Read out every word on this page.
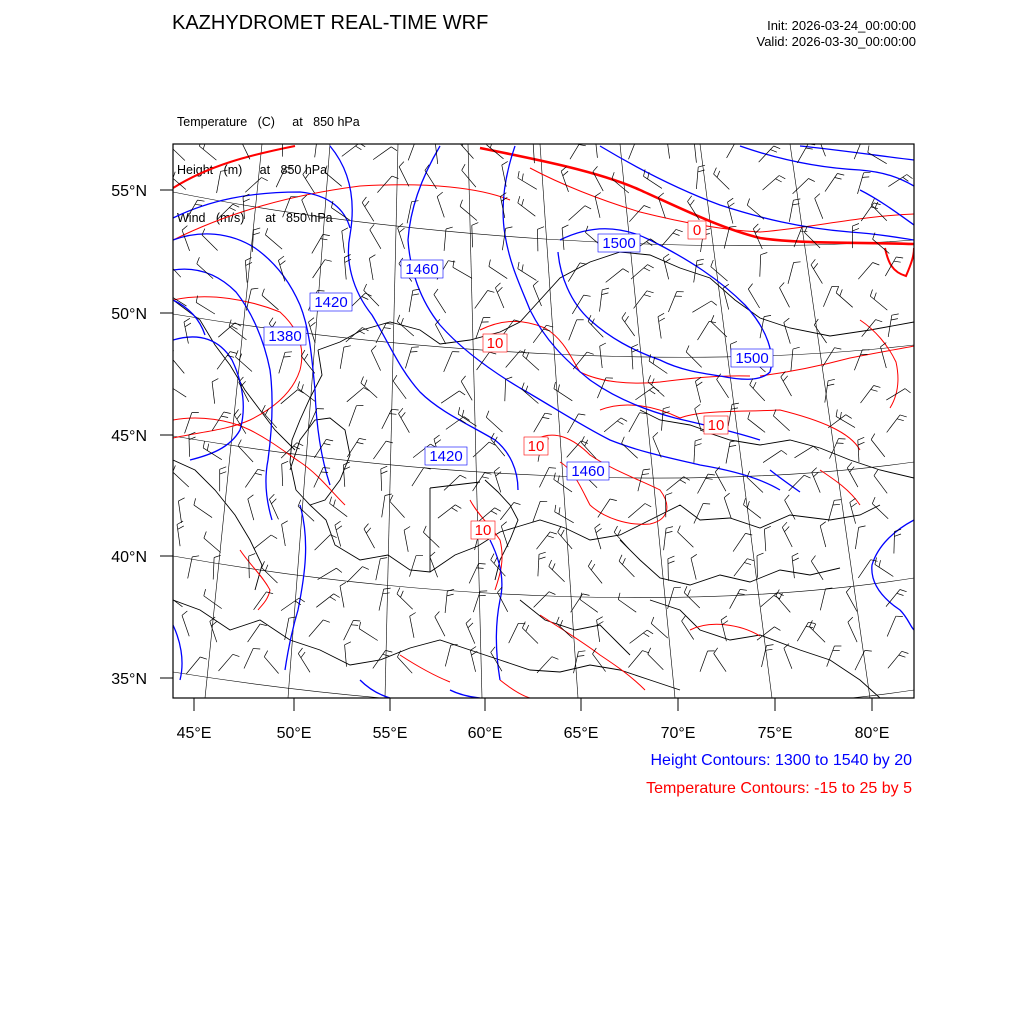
KAZHYDROMET REAL-TIME WRF	Init: 2026-03-24_00:00:00
Valid: 2026-03-30_00:00:00

Temperature   (C)     at   850 hPa

Height   (m)     at   850 hPa

Wind   (m/s)      at   850 hPa

55°N
50°N
45°N
40°N
35°N
45°E	50°E	55°E	60°E	65°E	70°E	75°E	80°E
1500
1460
1420
1380
1500
1420
1460
0
10
10
10
10
Height Contours: 1300 to 1540 by 20
Temperature Contours: -15 to 25 by 5
